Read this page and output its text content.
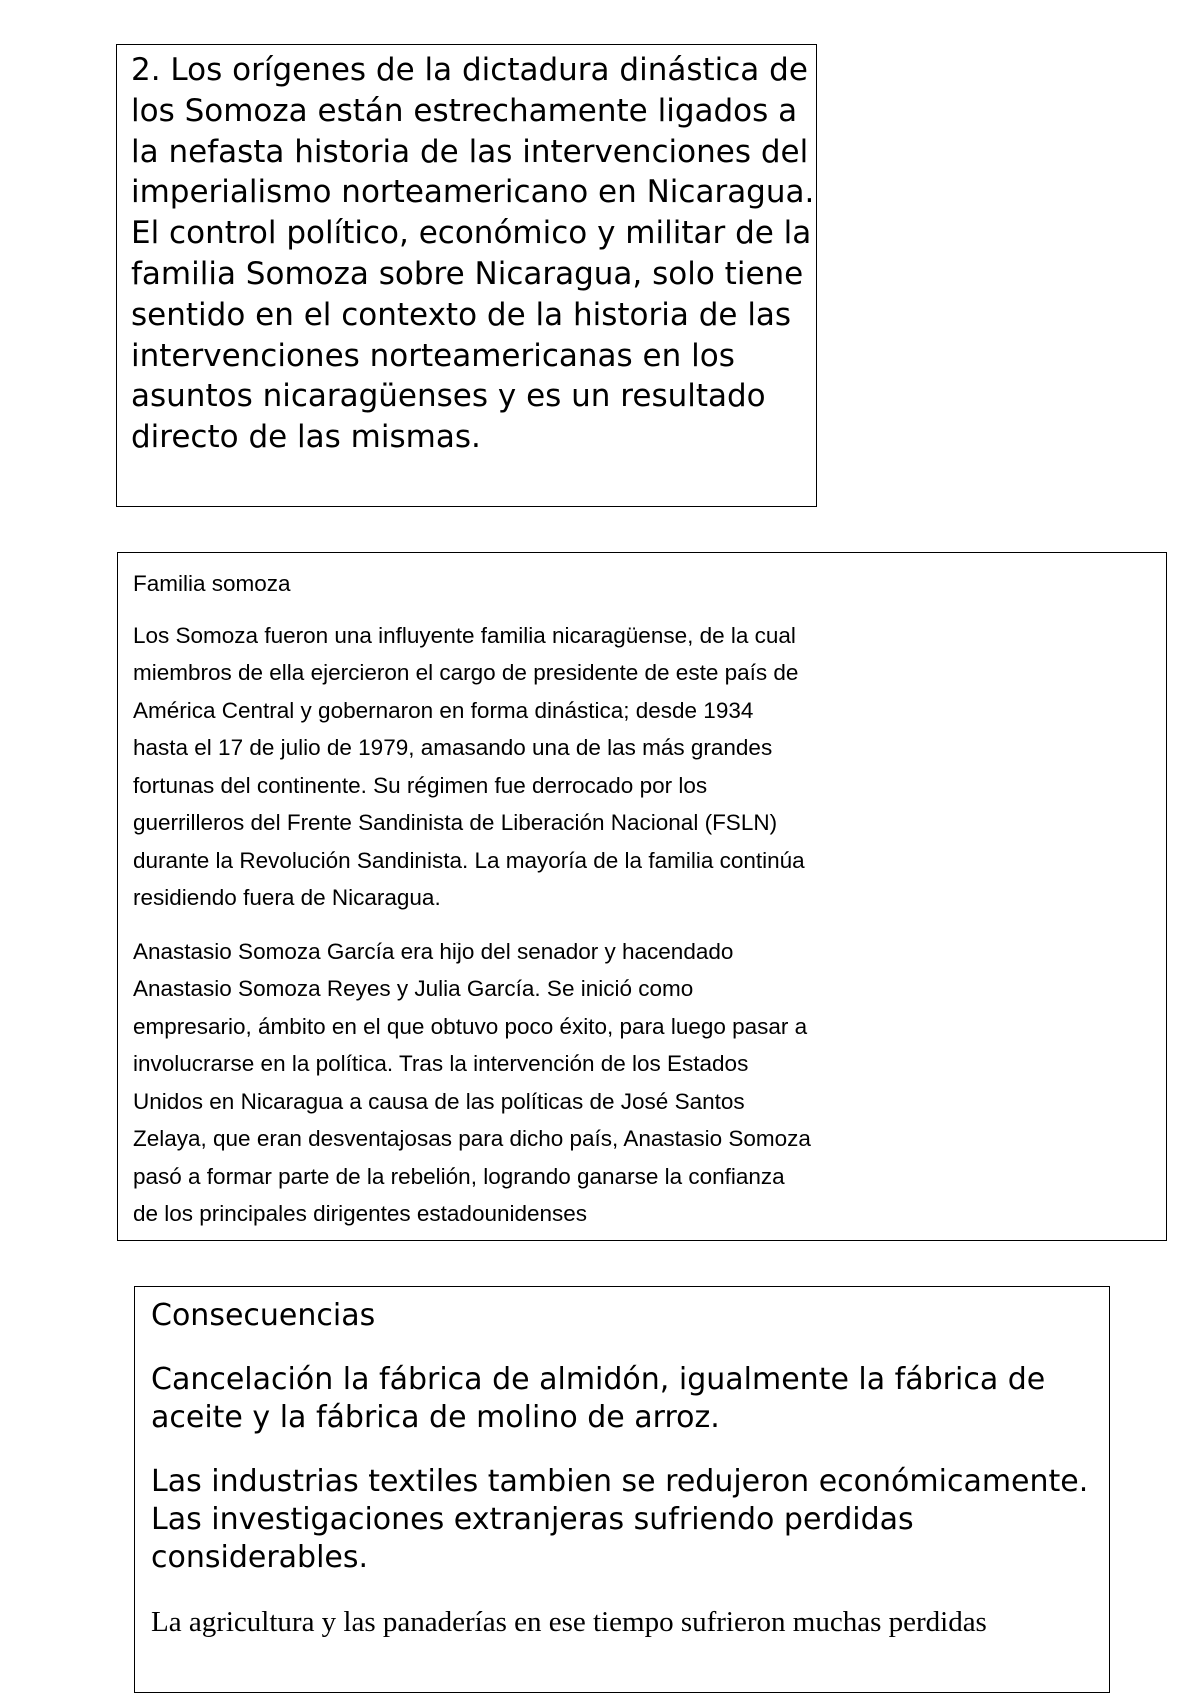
2. Los orígenes de la dictadura dinástica de los Somoza están estrechamente ligados a la nefasta historia de las intervenciones del imperialismo norteamericano en Nicaragua. El control político, económico y militar de la familia Somoza sobre Nicaragua, solo tiene sentido en el contexto de la historia de las intervenciones norteamericanas en los asuntos nicaragüenses y es un resultado directo de las mismas.

Familia somoza

Los Somoza fueron una influyente familia nicaragüense, de la cual miembros de ella ejercieron el cargo de presidente de este país de América Central y gobernaron en forma dinástica; desde 1934 hasta el 17 de julio de 1979, amasando una de las más grandes fortunas del continente. Su régimen fue derrocado por los guerrilleros del Frente Sandinista de Liberación Nacional (FSLN) durante la Revolución Sandinista. La mayoría de la familia continúa residiendo fuera de Nicaragua.

Anastasio Somoza García era hijo del senador y hacendado Anastasio Somoza Reyes y Julia García. Se inició como empresario, ámbito en el que obtuvo poco éxito, para luego pasar a involucrarse en la política. Tras la intervención de los Estados Unidos en Nicaragua a causa de las políticas de José Santos Zelaya, que eran desventajosas para dicho país, Anastasio Somoza pasó a formar parte de la rebelión, logrando ganarse la confianza de los principales dirigentes estadounidenses

Consecuencias

Cancelación la fábrica de almidón, igualmente la fábrica de aceite y la fábrica de molino de arroz.

Las industrias textiles tambien se redujeron económicamente. Las investigaciones extranjeras sufriendo perdidas considerables.

La agricultura y las panaderías en ese tiempo sufrieron muchas perdidas
